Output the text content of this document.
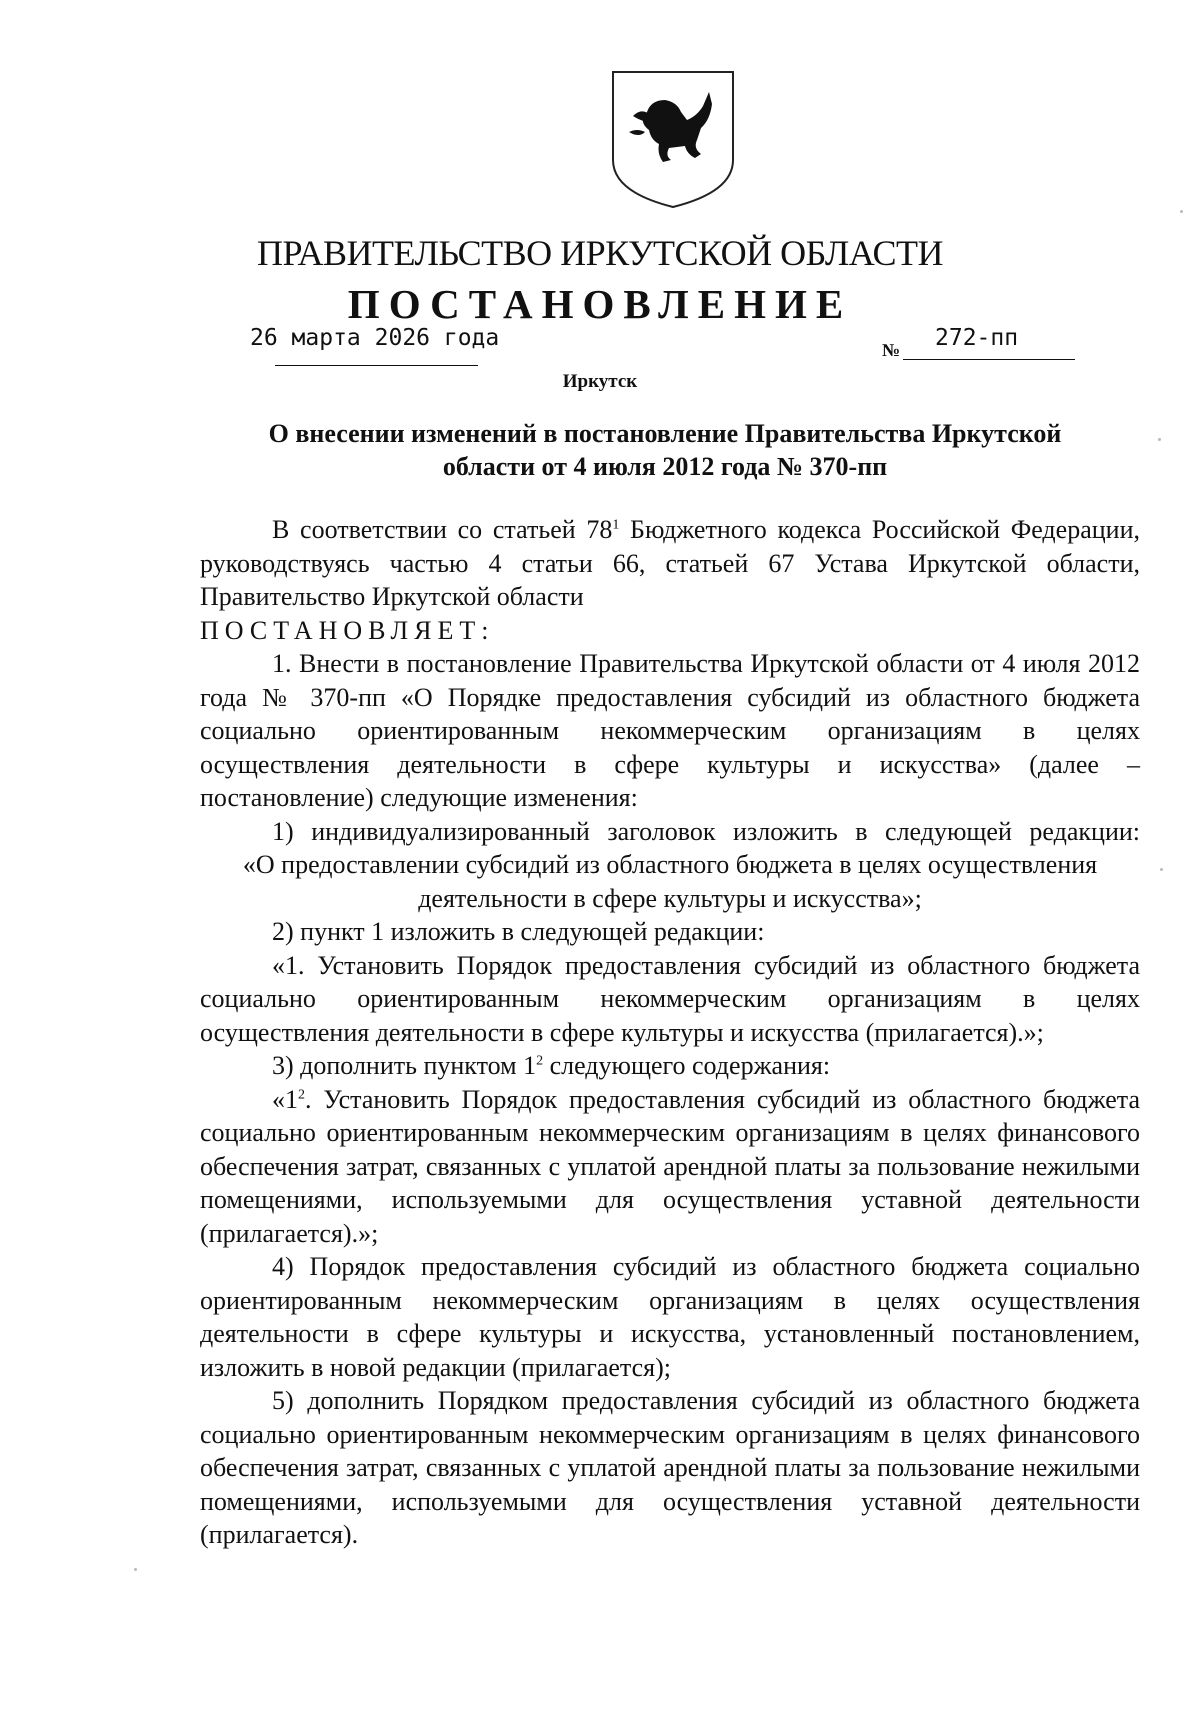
ПРАВИТЕЛЬСТВО ИРКУТСКОЙ ОБЛАСТИ
ПОСТАНОВЛЕНИЕ
26 марта 2026 года	№ 272-пп
Иркутск
О внесении изменений в постановление Правительства Иркутской
области от 4 июля 2012 года № 370-пп

В соответствии со статьей $78^1$ Бюджетного кодекса Российской Федерации, руководствуясь частью 4 статьи 66, статьей 67 Устава Иркутской области, Правительство Иркутской области

ПОСТАНОВЛЯЕТ:

1. Внести в постановление Правительства Иркутской области от 4 июля 2012 года № 370-пп «О Порядке предоставления субсидий из областного бюджета социально ориентированным некоммерческим организациям в целях осуществления деятельности в сфере культуры и искусства» (далее – постановление) следующие изменения:

1) индивидуализированный заголовок изложить в следующей редакции:

«О предоставлении субсидий из областного бюджета в целях осуществления деятельности в сфере культуры и искусства»;

2) пункт 1 изложить в следующей редакции:

«1. Установить Порядок предоставления субсидий из областного бюджета социально ориентированным некоммерческим организациям в целях осуществления деятельности в сфере культуры и искусства (прилагается).»;

3) дополнить пунктом $1^2$ следующего содержания:

«$1^2$. Установить Порядок предоставления субсидий из областного бюджета социально ориентированным некоммерческим организациям в целях финансового обеспечения затрат, связанных с уплатой арендной платы за пользование нежилыми помещениями, используемыми для осуществления уставной деятельности (прилагается).»;

4) Порядок предоставления субсидий из областного бюджета социально ориентированным некоммерческим организациям в целях осуществления деятельности в сфере культуры и искусства, установленный постановлением, изложить в новой редакции (прилагается);

5) дополнить Порядком предоставления субсидий из областного бюджета социально ориентированным некоммерческим организациям в целях финансового обеспечения затрат, связанных с уплатой арендной платы за пользование нежилыми помещениями, используемыми для осуществления уставной деятельности (прилагается).
